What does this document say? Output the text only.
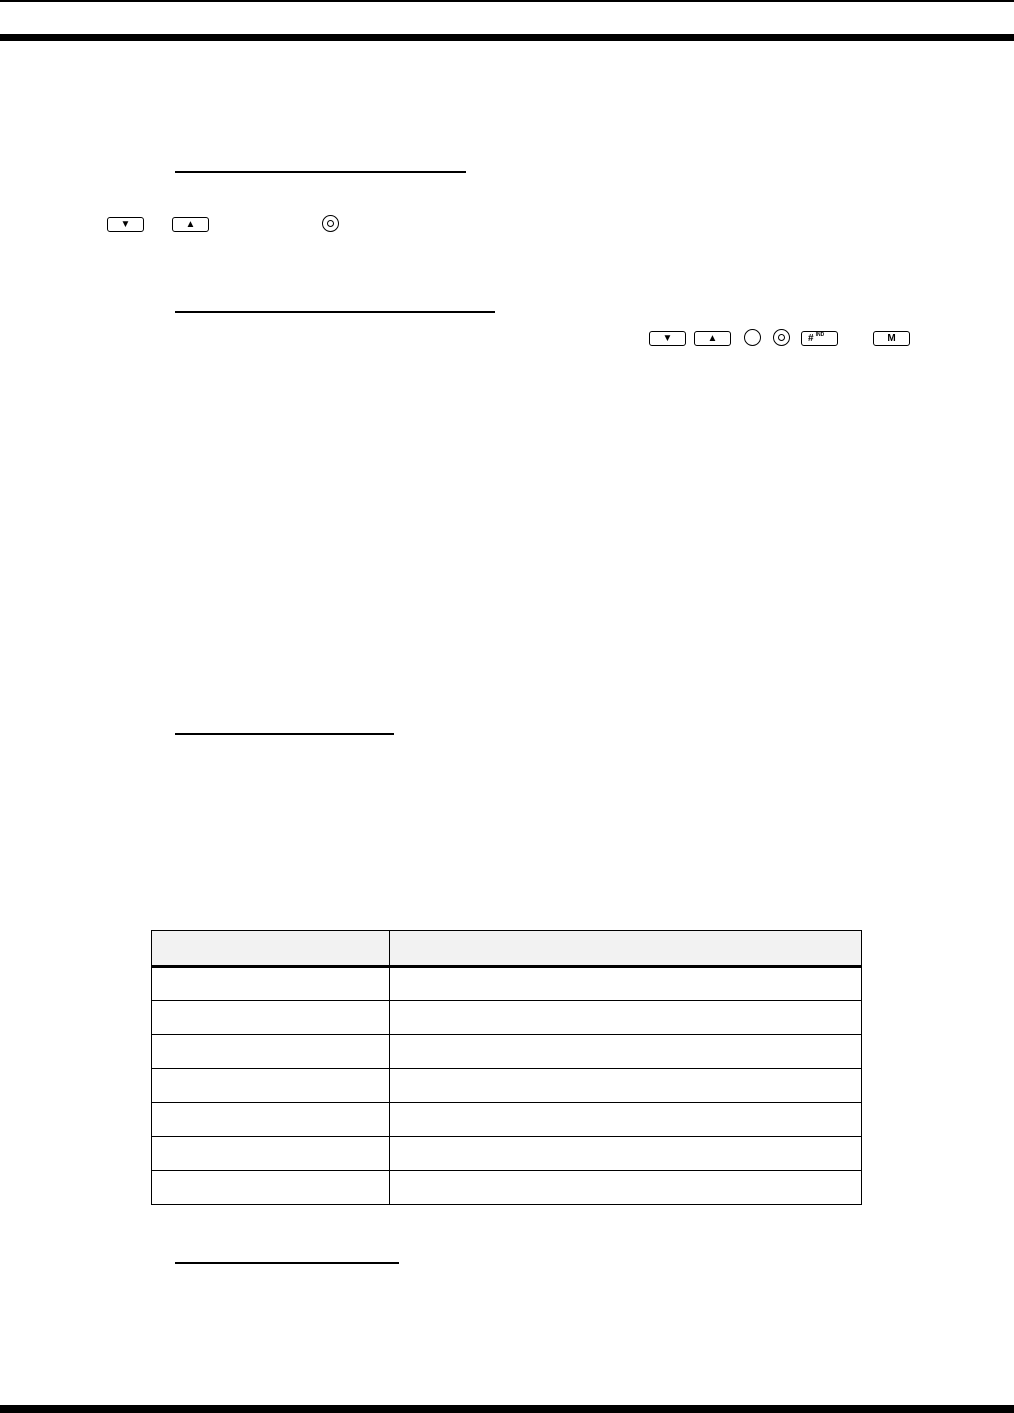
▼	▲
▼	▲	# IND	M
